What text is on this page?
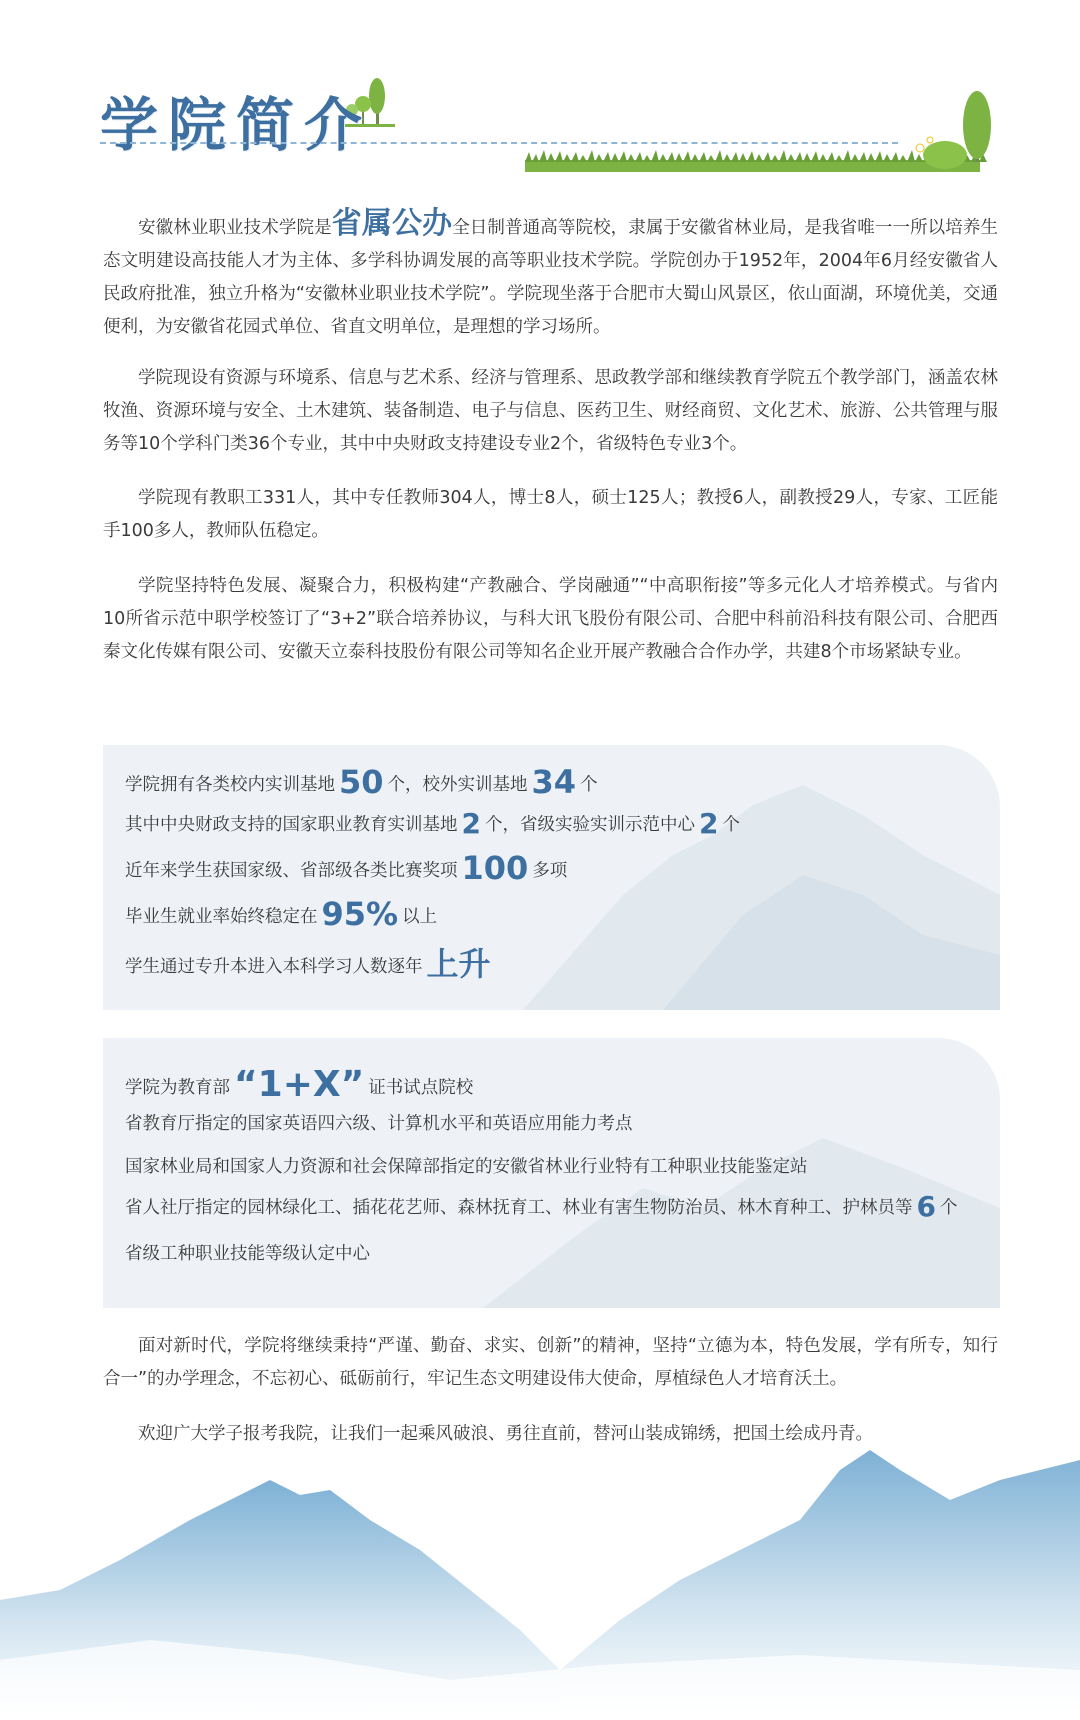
学院简介

安徽林业职业技术学院是省属公办全日制普通高等院校，隶属于安徽省林业局，是我省唯一一所以培养生态文明建设高技能人才为主体、多学科协调发展的高等职业技术学院。学院创办于1952年，2004年6月经安徽省人民政府批准，独立升格为“安徽林业职业技术学院”。学院现坐落于合肥市大蜀山风景区，依山面湖，环境优美，交通便利，为安徽省花园式单位、省直文明单位，是理想的学习场所。

学院现设有资源与环境系、信息与艺术系、经济与管理系、思政教学部和继续教育学院五个教学部门，涵盖农林牧渔、资源环境与安全、土木建筑、装备制造、电子与信息、医药卫生、财经商贸、文化艺术、旅游、公共管理与服务等10个学科门类36个专业，其中中央财政支持建设专业2个，省级特色专业3个。

学院现有教职工331人，其中专任教师304人，博士8人，硕士125人；教授6人，副教授29人，专家、工匠能手100多人，教师队伍稳定。

学院坚持特色发展、凝聚合力，积极构建“产教融合、学岗融通”“中高职衔接”等多元化人才培养模式。与省内10所省示范中职学校签订了“3+2”联合培养协议，与科大讯飞股份有限公司、合肥中科前沿科技有限公司、合肥西秦文化传媒有限公司、安徽天立泰科技股份有限公司等知名企业开展产教融合合作办学，共建8个市场紧缺专业。

学院拥有各类校内实训基地 50 个，校外实训基地 34 个
其中中央财政支持的国家职业教育实训基地 2 个，省级实验实训示范中心 2 个
近年来学生获国家级、省部级各类比赛奖项 100 多项
毕业生就业率始终稳定在 95% 以上
学生通过专升本进入本科学习人数逐年 上升
学院为教育部 “1+X” 证书试点院校
省教育厅指定的国家英语四六级、计算机水平和英语应用能力考点
国家林业局和国家人力资源和社会保障部指定的安徽省林业行业特有工种职业技能鉴定站
省人社厅指定的园林绿化工、插花花艺师、森林抚育工、林业有害生物防治员、林木育种工、护林员等 6 个
省级工种职业技能等级认定中心

面对新时代，学院将继续秉持“严谨、勤奋、求实、创新”的精神，坚持“立德为本，特色发展，学有所专，知行合一”的办学理念，不忘初心、砥砺前行，牢记生态文明建设伟大使命，厚植绿色人才培育沃土。

欢迎广大学子报考我院，让我们一起乘风破浪、勇往直前，替河山装成锦绣，把国土绘成丹青。
